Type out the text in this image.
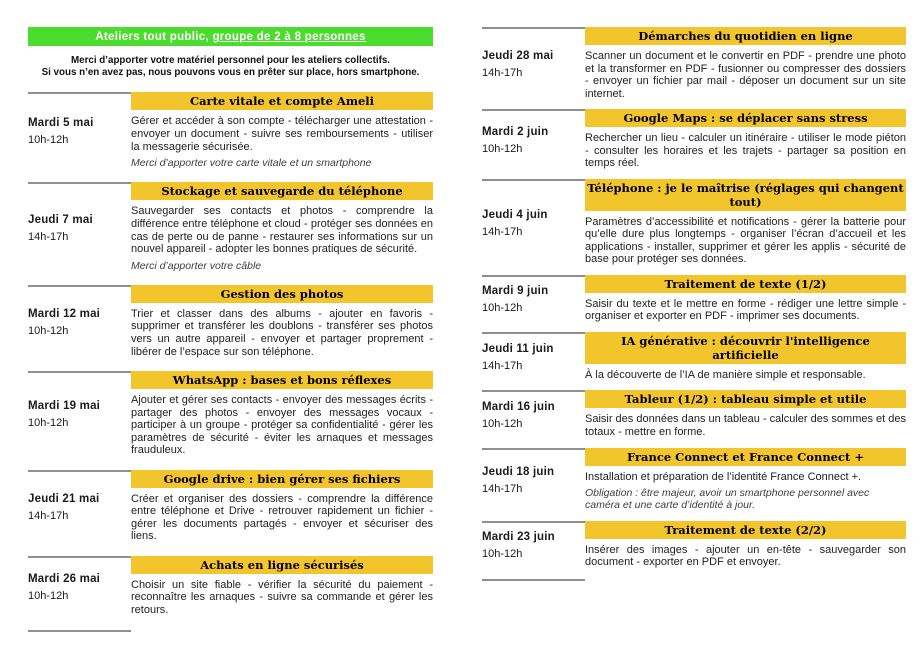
Ateliers tout public, groupe de 2 à 8 personnes

Merci d’apporter votre matériel personnel pour les ateliers collectifs.
Si vous n’en avez pas, nous pouvons vous en prêter sur place, hors smartphone.

Mardi 5 mai
10h-12h
Carte vitale et compte Ameli

Gérer et accéder à son compte - télécharger une attestation - envoyer un document - suivre ses remboursements - utiliser la messagerie sécurisée.

Merci d’apporter votre carte vitale et un smartphone

Jeudi 7 mai
14h-17h
Stockage et sauvegarde du téléphone

Sauvegarder ses contacts et photos - comprendre la différence entre téléphone et cloud - protéger ses données en cas de perte ou de panne - restaurer ses informations sur un nouvel appareil - adopter les bonnes pratiques de sécurité.

Merci d’apporter votre câble

Mardi 12 mai
10h-12h
Gestion des photos

Trier et classer dans des albums - ajouter en favoris - supprimer et transférer les doublons - transférer ses photos vers un autre appareil - envoyer et partager proprement - libérer de l’espace sur son téléphone.

Mardi 19 mai
10h-12h
WhatsApp : bases et bons réflexes

Ajouter et gérer ses contacts - envoyer des messages écrits - partager des photos - envoyer des messages vocaux - participer à un groupe - protéger sa confidentialité - gérer les paramètres de sécurité - éviter les arnaques et messages frauduleux.

Jeudi 21 mai
14h-17h
Google drive : bien gérer ses fichiers

Créer et organiser des dossiers - comprendre la différence entre téléphone et Drive - retrouver rapidement un fichier - gérer les documents partagés - envoyer et sécuriser des liens.

Mardi 26 mai
10h-12h
Achats en ligne sécurisés

Choisir un site fiable - vérifier la sécurité du paiement - reconnaître les arnaques - suivre sa commande et gérer les retours.

Jeudi 28 mai
14h-17h
Démarches du quotidien en ligne

Scanner un document et le convertir en PDF - prendre une photo et la transformer en PDF - fusionner ou compresser des dossiers - envoyer un fichier par mail - déposer un document sur un site internet.

Mardi 2 juin
10h-12h
Google Maps : se déplacer sans stress

Rechercher un lieu - calculer un itinéraire - utiliser le mode piéton - consulter les horaires et les trajets - partager sa position en temps réel.

Jeudi 4 juin
14h-17h
Téléphone : je le maîtrise (réglages qui changent tout)

Paramètres d’accessibilité et notifications - gérer la batterie pour qu’elle dure plus longtemps - organiser l’écran d’accueil et les applications - installer, supprimer et gérer les applis - sécurité de base pour protéger ses données.

Mardi 9 juin
10h-12h
Traitement de texte (1/2)

Saisir du texte et le mettre en forme - rédiger une lettre simple - organiser et exporter en PDF - imprimer ses documents.

Jeudi 11 juin
14h-17h
IA générative : découvrir l'intelligence artificielle

À la découverte de l’IA de manière simple et responsable.

Mardi 16 juin
10h-12h
Tableur (1/2) : tableau simple et utile

Saisir des données dans un tableau - calculer des sommes et des totaux - mettre en forme.

Jeudi 18 juin
14h-17h
France Connect et France Connect +

Installation et préparation de l’identité France Connect +.

Obligation : être majeur, avoir un smartphone personnel avec caméra et une carte d’identité à jour.

Mardi 23 juin
10h-12h
Traitement de texte (2/2)

Insérer des images - ajouter un en-tête - sauvegarder son document - exporter en PDF et envoyer.
